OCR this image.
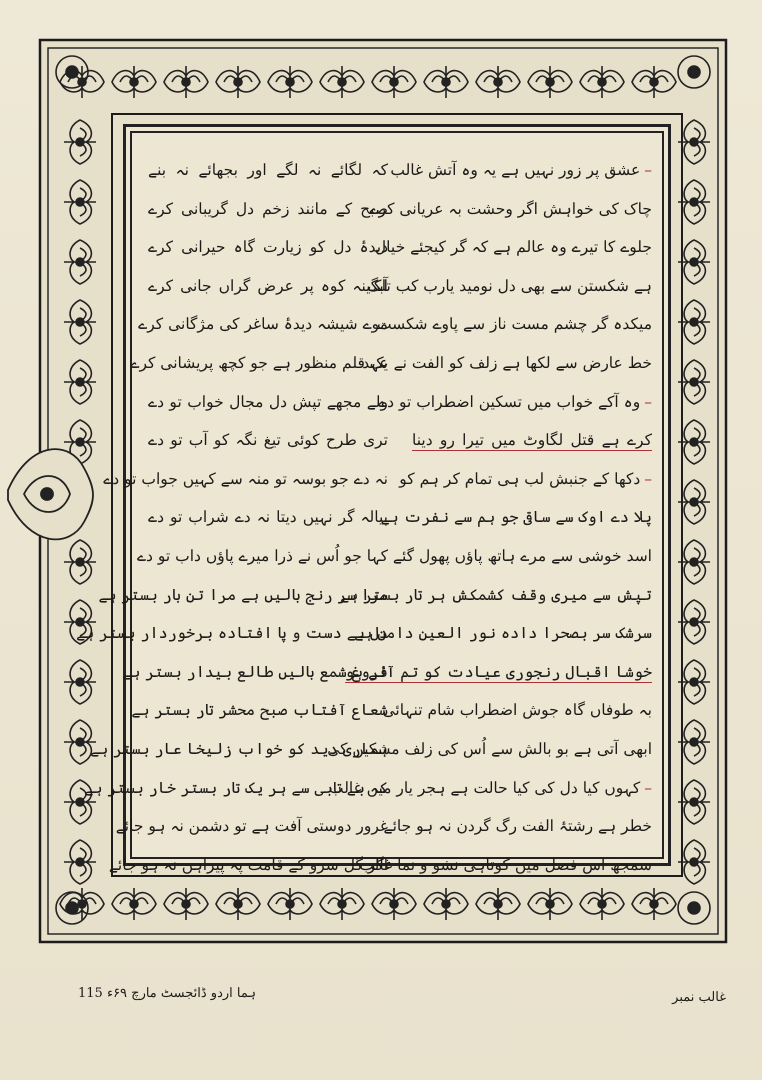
–عشق پر زور نہیں ہے یہ وہ آتش غالب
چاک کی خواہش اگر وحشت بہ عریانی کرے
جلوے کا تیرے وہ عالم ہے کہ گر کیجئے خیال
ہے شکستن سے بھی دل نومید یارب کب تلک
میکدہ گر چشم مست ناز سے پاوے شکست
خط عارض سے لکھا ہے زلف کو الفت نے عہد
–وہ آکے خواب میں تسکین اضطراب تو دے
کرے ہے قتل لگاوٹ میں تیرا رو دینا
–دکھا کے جنبش لب ہی تمام کر ہم کو
پلا دے اوک سے ساقی جو ہم سے نفرت ہے
اسد خوشی سے مرے ہاتھ پاؤں پھول گئے
تپش سے میری وقف کشمکش ہر تار بستر ہے
سرشک سر بصحرا دادہ نور العین دامن ہے
خوشا اقبال رنجوری عیادت کو تم آئے ہو
بہ طوفاں گاہ جوش اضطراب شام تنہائی
ابھی آتی ہے بو بالش سے اُس کی زلف مشکیں کی
–کہوں کیا دل کی کیا حالت ہے ہجر یار میں غالب
خطر ہے رشتۂ الفت رگ گردن نہ ہو جائے
سمجھ اس فصل میں کوتاہی نشو و نما غالب
کہ لگائے نہ لگے اور بجھائے نہ بنے
صبح کے مانند زخم دل گریبانی کرے
دیدۂ دل کو زیارت گاہ حیرانی کرے
آبگینہ کوہ پر عرض گراں جانی کرے
موے شیشہ دیدۂ ساغر کی مژگانی کرے
یک قلم منظور ہے جو کچھ پریشانی کرے
ولے مجھے تپش دل مجال خواب تو دے
تری طرح کوئی تیغ نگہ کو آب تو دے
نہ دے جو بوسہ تو منہ سے کہیں جواب تو دے
پیالہ گر نہیں دیتا نہ دے شراب تو دے
کہا جو اُس نے ذرا میرے پاؤں داب تو دے
مرا سر رنج بالیں ہے مرا تن بار بستر ہے
دل بے دست و پا افتادہ برخوردار بستر ہے
فروغ شمع بالیں طالع بیدار بستر ہے
شعاع آفتاب صبح محشر تار بستر ہے
ہماری دید کو خواب زلیخا عار بستر ہے
کہ بے تابی سے ہر یک تار بستر خار بستر ہے
غرور دوستی آفت ہے تو دشمن نہ ہو جائے
اگر گل سرو کے قامت پہ پیراہن نہ ہو جائے
ہما اردو ڈائجسٹ مارچ ۶۹ء 115	غالب نمبر
